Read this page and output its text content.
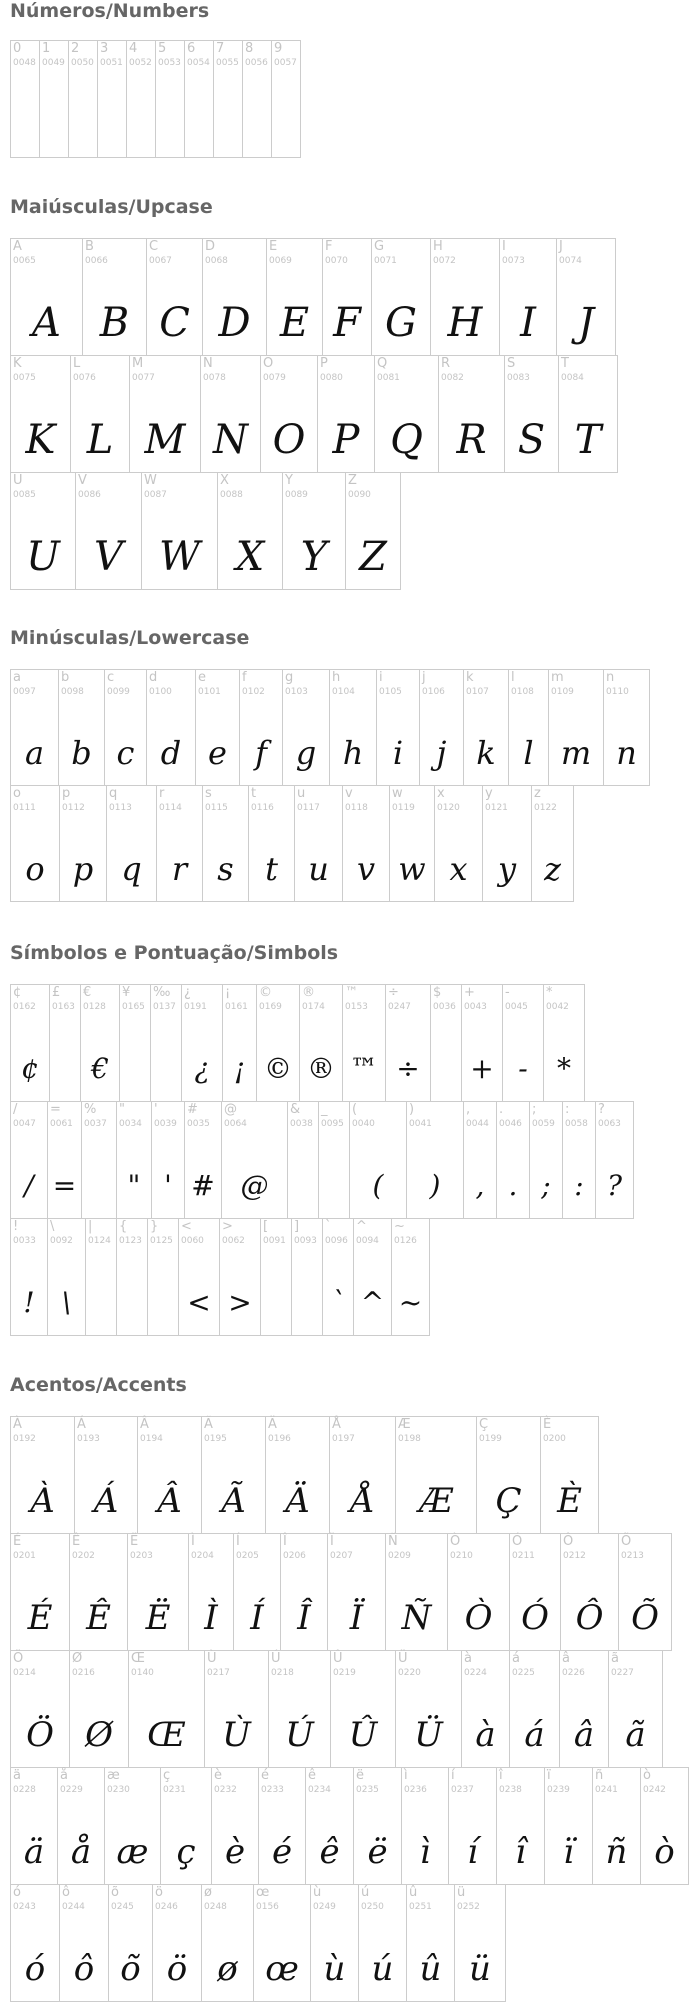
Números/Numbers
0
0048
1
0049
2
0050
3
0051
4
0052
5
0053
6
0054
7
0055
8
0056
9
0057
Maiúsculas/Upcase
A
0065
A
B
0066
B
C
0067
C
D
0068
D
E
0069
E
F
0070
F
G
0071
G
H
0072
H
I
0073
I
J
0074
J
K
0075
K
L
0076
L
M
0077
M
N
0078
N
O
0079
O
P
0080
P
Q
0081
Q
R
0082
R
S
0083
S
T
0084
T
U
0085
U
V
0086
V
W
0087
W
X
0088
X
Y
0089
Y
Z
0090
Z
Minúsculas/Lowercase
a
0097
a
b
0098
b
c
0099
c
d
0100
d
e
0101
e
f
0102
f
g
0103
g
h
0104
h
i
0105
i
j
0106
j
k
0107
k
l
0108
l
m
0109
m
n
0110
n
o
0111
o
p
0112
p
q
0113
q
r
0114
r
s
0115
s
t
0116
t
u
0117
u
v
0118
v
w
0119
w
x
0120
x
y
0121
y
z
0122
z
Símbolos e Pontuação/Simbols
¢
0162
¢
£
0163
€
0128
€
¥
0165
‰
0137
¿
0191
¿
¡
0161
¡
©
0169
©
®
0174
®
™
0153
™
÷
0247
÷
$
0036
+
0043
+
-
0045
-
*
0042
*
/
0047
/
=
0061
=
%
0037
"
0034
"
'
0039
'
#
0035
#
@
0064
@
&
0038
_
0095
(
0040
(
)
0041
)
,
0044
,
.
0046
.
;
0059
;
:
0058
:
?
0063
?
!
0033
!
\
0092
\
|
0124
{
0123
}
0125
<
0060
<
>
0062
>
[
0091
]
0093
`
0096
`
^
0094
^
~
0126
~
Acentos/Accents
À
0192
À
Á
0193
Á
Â
0194
Â
Ã
0195
Ã
Ä
0196
Ä
Å
0197
Å
Æ
0198
Æ
Ç
0199
Ç
È
0200
È
É
0201
É
Ê
0202
Ê
Ë
0203
Ë
Ì
0204
Ì
Í
0205
Í
Î
0206
Î
Ï
0207
Ï
Ñ
0209
Ñ
Ò
0210
Ò
Ó
0211
Ó
Ô
0212
Ô
Õ
0213
Õ
Ö
0214
Ö
Ø
0216
Ø
Œ
0140
Œ
Ù
0217
Ù
Ú
0218
Ú
Û
0219
Û
Ü
0220
Ü
à
0224
à
á
0225
á
â
0226
â
ã
0227
ã
ä
0228
ä
å
0229
å
æ
0230
æ
ç
0231
ç
è
0232
è
é
0233
é
ê
0234
ê
ë
0235
ë
ì
0236
ì
í
0237
í
î
0238
î
ï
0239
ï
ñ
0241
ñ
ò
0242
ò
ó
0243
ó
ô
0244
ô
õ
0245
õ
ö
0246
ö
ø
0248
ø
œ
0156
œ
ù
0249
ù
ú
0250
ú
û
0251
û
ü
0252
ü
